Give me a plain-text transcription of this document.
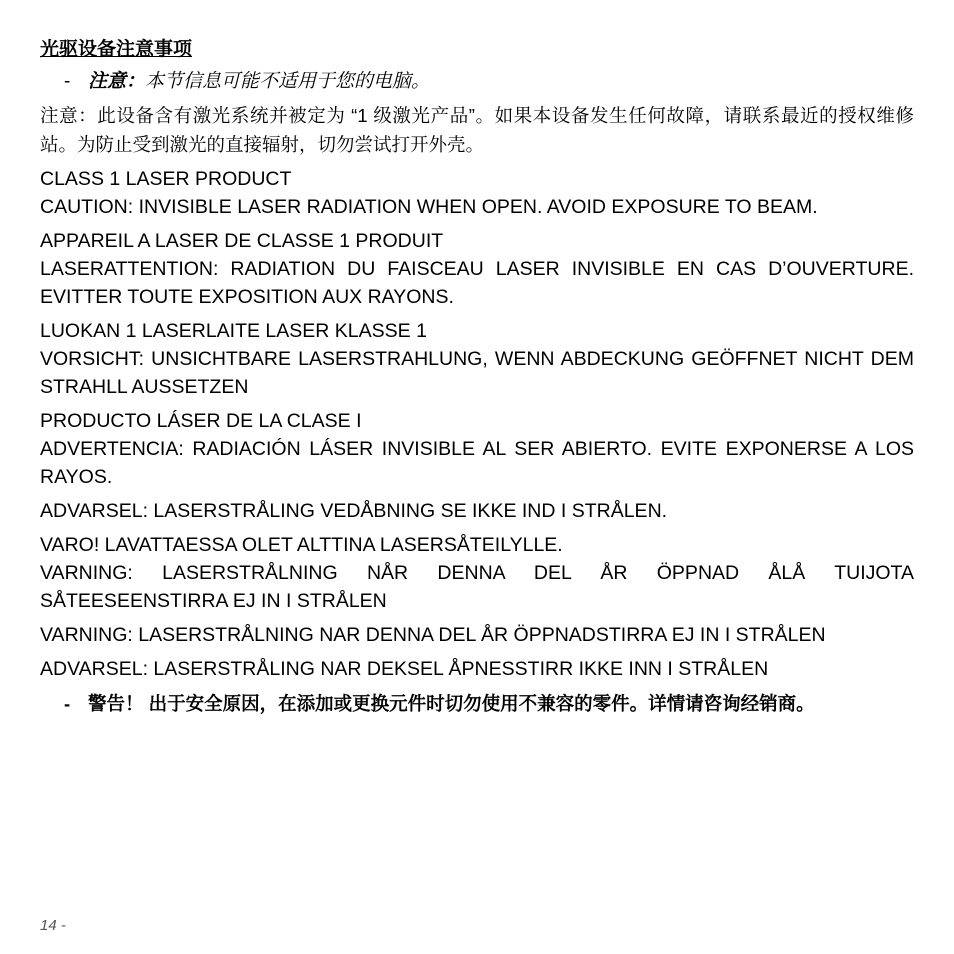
光驱设备注意事项
- 注意：本节信息可能不适用于您的电脑。
注意：此设备含有激光系统并被定为 “1 级激光产品”。如果本设备发生任何故障，请联系最近的授权维修站。为防止受到激光的直接辐射，切勿尝试打开外壳。
CLASS 1 LASER PRODUCT
CAUTION: INVISIBLE LASER RADIATION WHEN OPEN. AVOID EXPOSURE TO BEAM.
APPAREIL A LASER DE CLASSE 1 PRODUIT
LASERATTENTION: RADIATION DU FAISCEAU LASER INVISIBLE EN CAS D’OUVERTURE. EVITTER TOUTE EXPOSITION AUX RAYONS.
LUOKAN 1 LASERLAITE LASER KLASSE 1
VORSICHT: UNSICHTBARE LASERSTRAHLUNG, WENN ABDECKUNG GEÖFFNET NICHT DEM STRAHLL AUSSETZEN
PRODUCTO LÁSER DE LA CLASE I
ADVERTENCIA: RADIACIÓN LÁSER INVISIBLE AL SER ABIERTO. EVITE EXPONERSE A LOS RAYOS.
ADVARSEL: LASERSTRÅLING VEDÅBNING SE IKKE IND I STRÅLEN.
VARO! LAVATTAESSA OLET ALTTINA LASERSÅTEILYLLE.
VARNING: LASERSTRÅLNING NÅR DENNA DEL ÅR ÖPPNAD ÅLÅ TUIJOTA SÅTEESEENSTIRRA EJ IN I STRÅLEN
VARNING: LASERSTRÅLNING NAR DENNA DEL ÅR ÖPPNADSTIRRA EJ IN I STRÅLEN
ADVARSEL: LASERSTRÅLING NAR DEKSEL ÅPNESSTIRR IKKE INN I STRÅLEN
- 警告！ 出于安全原因，在添加或更换元件时切勿使用不兼容的零件。详情请咨询经销商。
14 -
